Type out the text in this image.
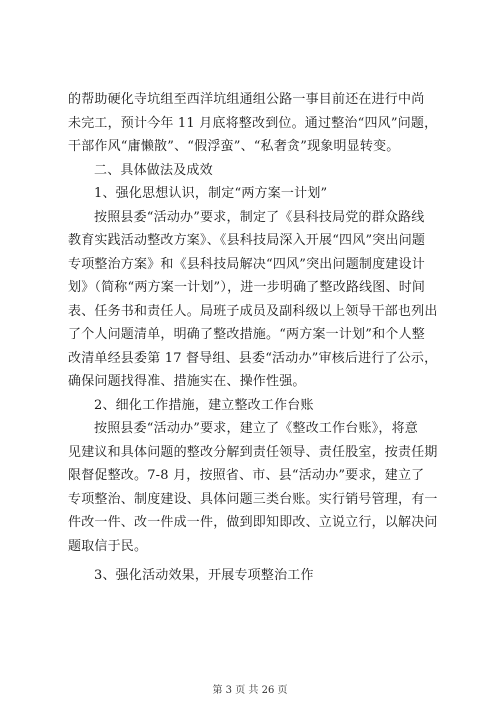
的帮助硬化寺坑组至西洋坑组通组公路一事目前还在进行中尚
未完工，预计今年 11 月底将整改到位。通过整治“四风”问题，
干部作风“庸懒散”、“假浮蛮”、“私奢贪”现象明显转变。
二、具体做法及成效
1、强化思想认识，制定“两方案一计划”
按照县委“活动办”要求，制定了《县科技局党的群众路线
教育实践活动整改方案》、《县科技局深入开展“四风”突出问题
专项整治方案》和《县科技局解决“四风”突出问题制度建设计
划》（简称“两方案一计划”），进一步明确了整改路线图、时间
表、任务书和责任人。局班子成员及副科级以上领导干部也列出
了个人问题清单，明确了整改措施。“两方案一计划”和个人整
改清单经县委第 17 督导组、县委“活动办”审核后进行了公示，
确保问题找得准、措施实在、操作性强。
2、细化工作措施，建立整改工作台账
按照县委“活动办”要求，建立了《整改工作台账》，将意
见建议和具体问题的整改分解到责任领导、责任股室，按责任期
限督促整改。7-8 月，按照省、市、县“活动办”要求，建立了
专项整治、制度建设、具体问题三类台账。实行销号管理，有一
件改一件、改一件成一件，做到即知即改、立说立行，以解决问
题取信于民。
3、强化活动效果，开展专项整治工作
第 3 页 共 26 页
